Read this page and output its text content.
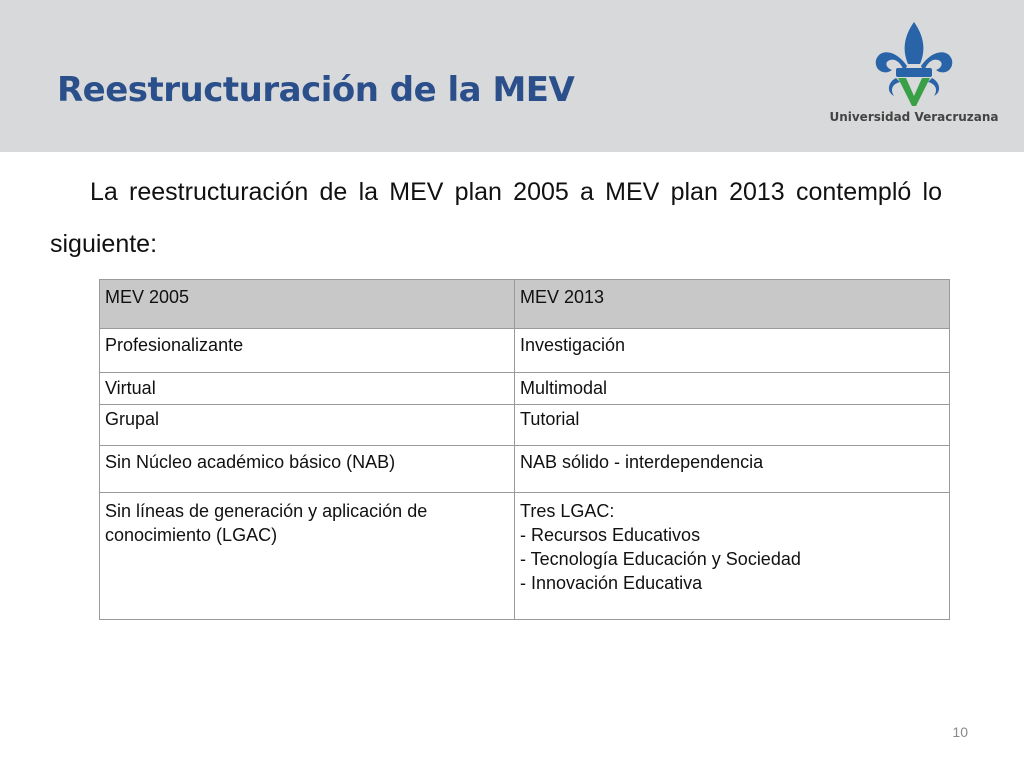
Reestructuración de la MEV
Universidad Veracruzana

La reestructuración de la MEV plan 2005 a MEV plan 2013 contempló lo siguiente:

MEV 2005	MEV 2013
Profesionalizante	Investigación

Virtual	Multimodal

Grupal	Tutorial

Sin Núcleo académico básico (NAB)	NAB sólido - interdependencia

Sin líneas de generación y aplicación de conocimiento (LGAC)	Tres LGAC:
- Recursos Educativos
- Tecnología Educación y Sociedad
- Innovación Educativa
10
